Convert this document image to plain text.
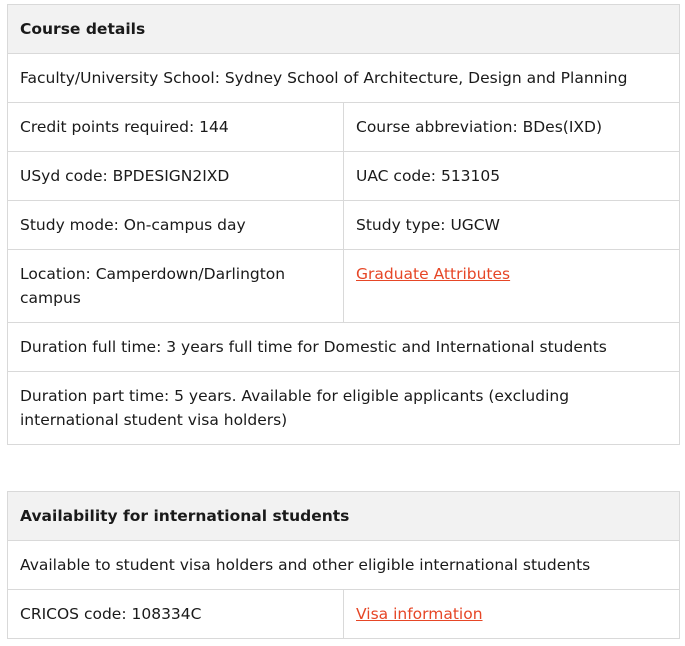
Course details	
Faculty/University School: Sydney School of Architecture, Design and Planning	
Credit points required: 144	Course abbreviation: BDes(IXD)
USyd code: BPDESIGN2IXD	UAC code: 513105
Study mode: On-campus day	Study type: UGCW
Location: Camperdown/Darlington campus	Graduate Attributes
Duration full time: 3 years full time for Domestic and International students	
Duration part time: 5 years. Available for eligible applicants (excluding international student visa holders)	
Availability for international students
Available to student visa holders and other eligible international students
CRICOS code: 108334C	Visa information
